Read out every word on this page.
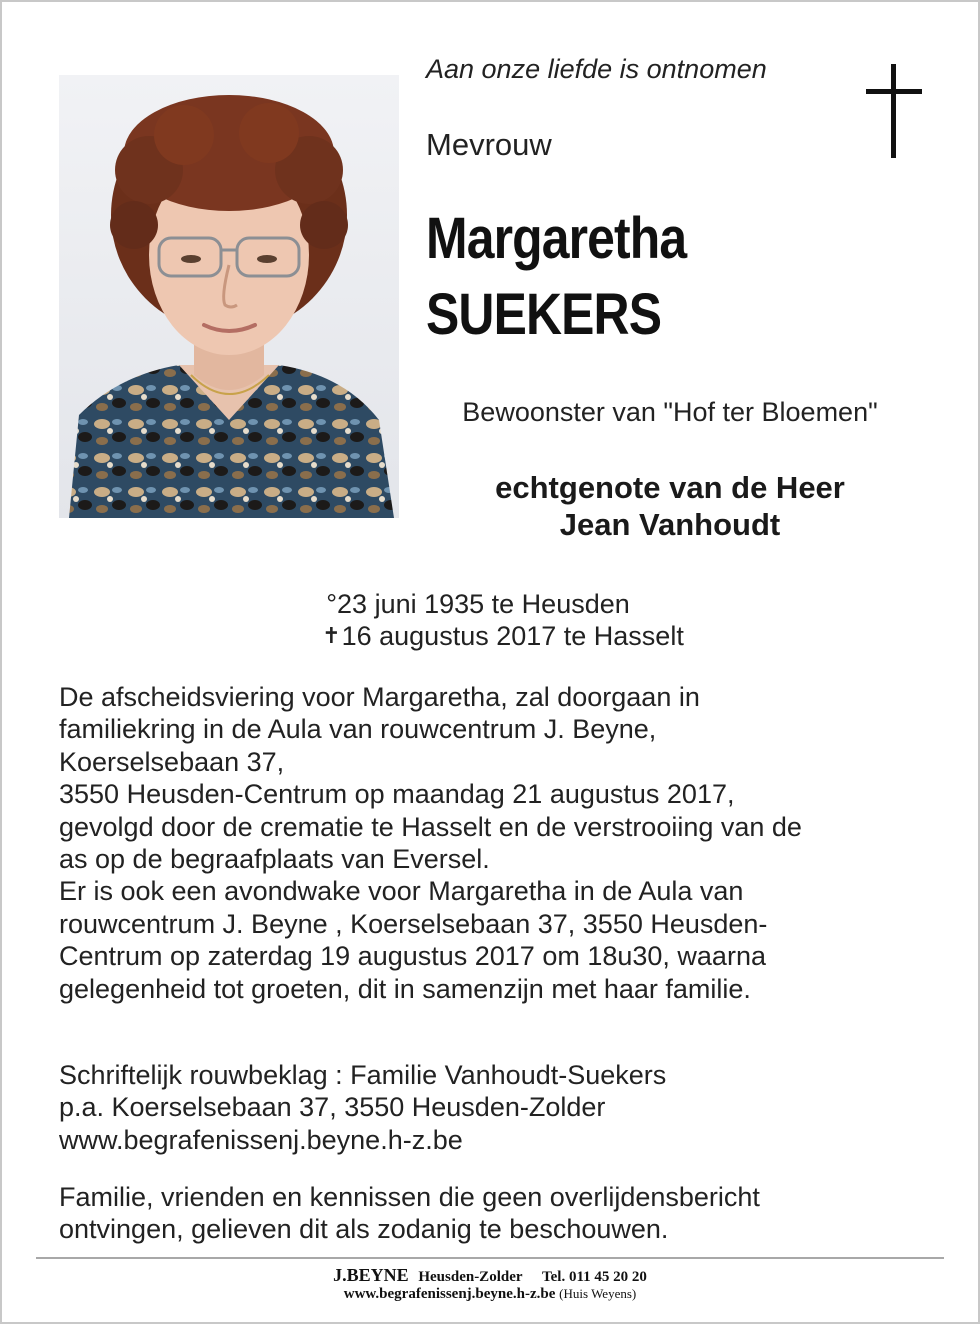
Aan onze liefde is ontnomen
Mevrouw
Margaretha
SUEKERS
Bewoonster van "Hof ter Bloemen"
echtgenote van de Heer
Jean Vanhoudt
°23 juni 1935 te Heusden
✝16 augustus 2017 te Hasselt
De afscheidsviering voor Margaretha, zal doorgaan in
familiekring in de Aula van rouwcentrum J. Beyne,
Koerselsebaan 37,
3550 Heusden-Centrum op maandag 21 augustus 2017,
gevolgd door de crematie te Hasselt en de verstrooiing van de
as op de begraafplaats van Eversel.
Er is ook een avondwake voor Margaretha in de Aula van
rouwcentrum J. Beyne , Koerselsebaan 37, 3550 Heusden-
Centrum op zaterdag 19 augustus 2017 om 18u30, waarna
gelegenheid tot groeten, dit in samenzijn met haar familie.
Schriftelijk rouwbeklag : Familie Vanhoudt-Suekers
p.a. Koerselsebaan 37, 3550 Heusden-Zolder
www.begrafenissenj.beyne.h-z.be
Familie, vrienden en kennissen die geen overlijdensbericht
ontvingen, gelieven dit als zodanig te beschouwen.
J.BEYNE Heusden-Zolder Tel. 011 45 20 20
www.begrafenissenj.beyne.h-z.be (Huis Weyens)
